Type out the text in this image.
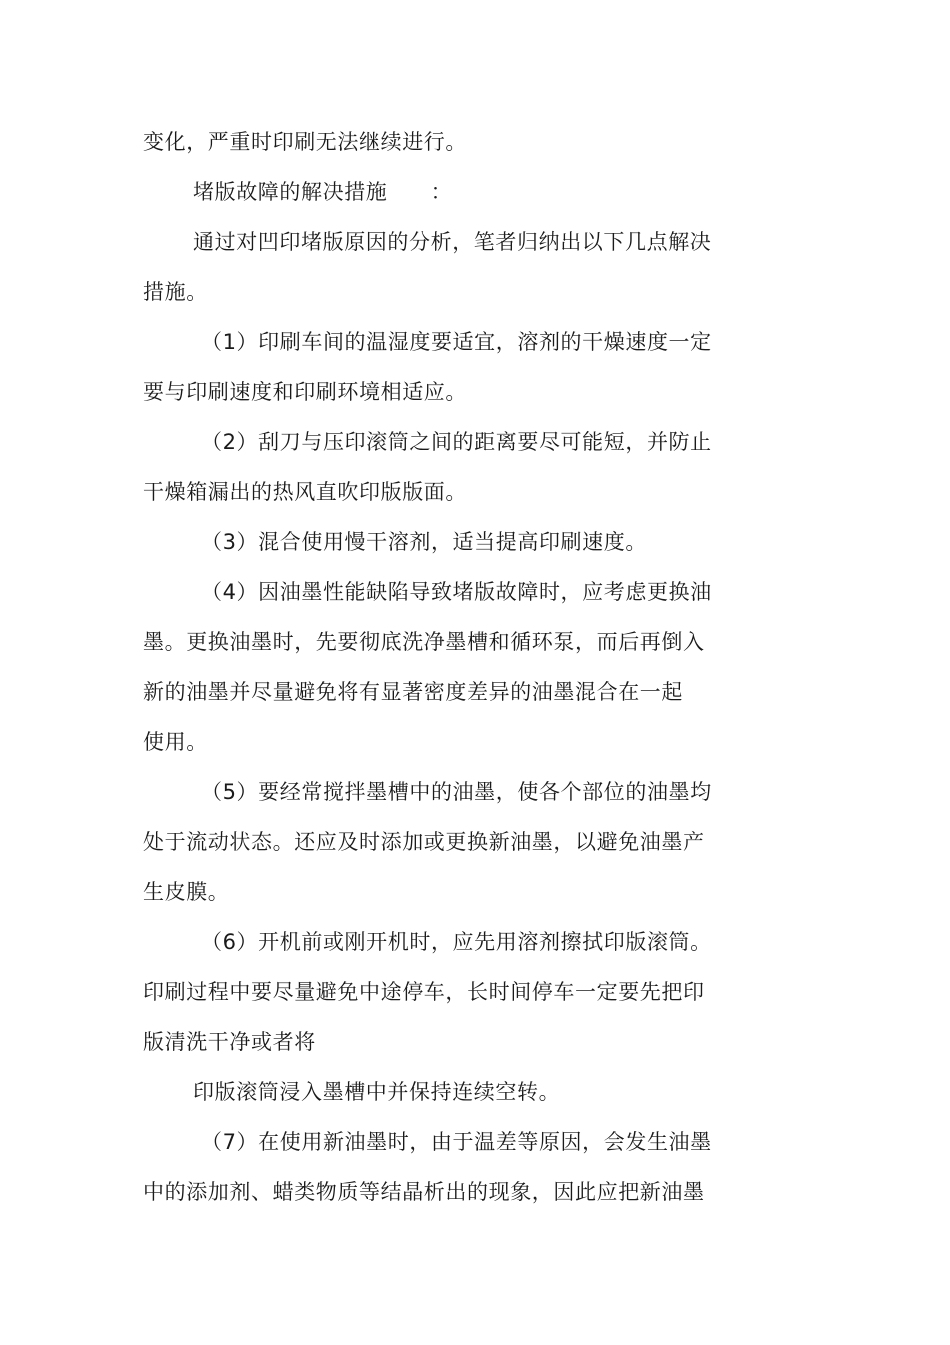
变化，严重时印刷无法继续进行。
堵版故障的解决措施　　：
通过对凹印堵版原因的分析，笔者归纳出以下几点解决
措施。
（1）印刷车间的温湿度要适宜，溶剂的干燥速度一定
要与印刷速度和印刷环境相适应。
（2）刮刀与压印滚筒之间的距离要尽可能短，并防止
干燥箱漏出的热风直吹印版版面。
（3）混合使用慢干溶剂，适当提高印刷速度。
（4）因油墨性能缺陷导致堵版故障时，应考虑更换油
墨。更换油墨时，先要彻底洗净墨槽和循环泵，而后再倒入
新的油墨并尽量避免将有显著密度差异的油墨混合在一起
使用。
（5）要经常搅拌墨槽中的油墨，使各个部位的油墨均
处于流动状态。还应及时添加或更换新油墨，以避免油墨产
生皮膜。
（6）开机前或刚开机时，应先用溶剂擦拭印版滚筒。
印刷过程中要尽量避免中途停车，长时间停车一定要先把印
版清洗干净或者将
印版滚筒浸入墨槽中并保持连续空转。
（7）在使用新油墨时，由于温差等原因，会发生油墨
中的添加剂、蜡类物质等结晶析出的现象，因此应把新油墨
